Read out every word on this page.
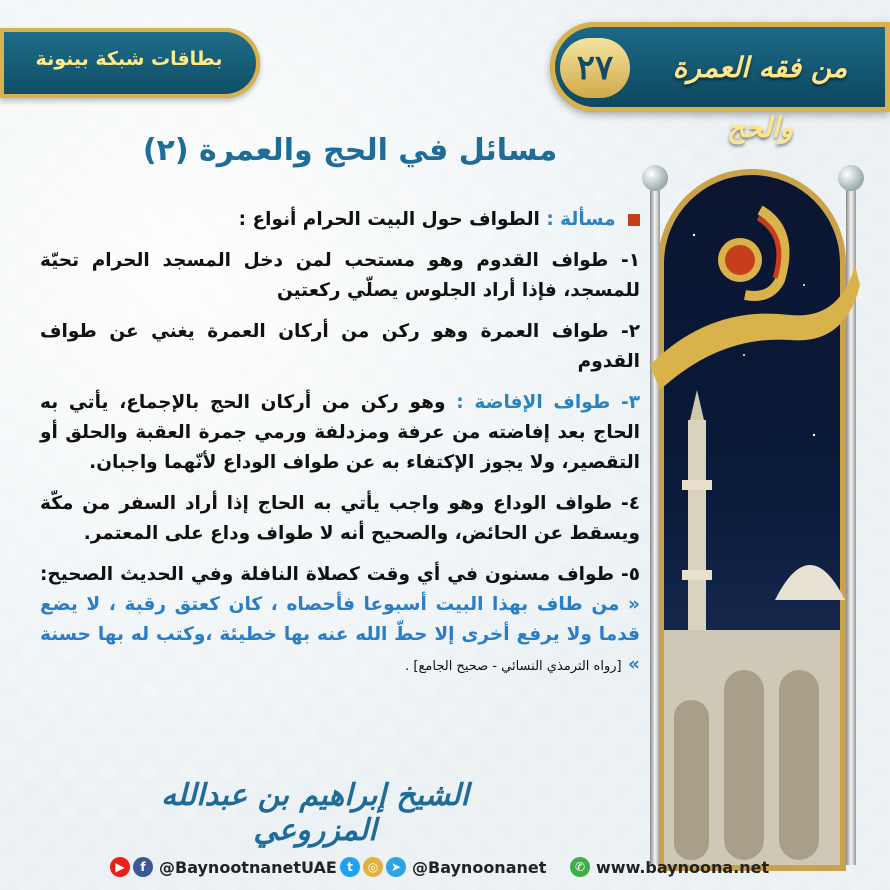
بطاقات شبكة بينونة	٢٧	من فقه العمرة والحج
مسائل في الحج والعمرة (٢)

مسألة : الطواف حول البيت الحرام أنواع :

١- طواف القدوم وهو مستحب لمن دخل المسجد الحرام تحيّة للمسجد، فإذا أراد الجلوس يصلّي ركعتين

٢- طواف العمرة وهو ركن من أركان العمرة يغني عن طواف القدوم

٣- طواف الإفاضة : وهو ركن من أركان الحج بالإجماع، يأتي به الحاج بعد إفاضته من عرفة ومزدلفة ورمي جمرة العقبة والحلق أو التقصير، ولا يجوز الإكتفاء به عن طواف الوداع لأنّهما واجبان.

٤- طواف الوداع وهو واجب يأتي به الحاج إذا أراد السفر من مكّة ويسقط عن الحائض، والصحيح أنه لا طواف وداع على المعتمر.

٥- طواف مسنون في أي وقت كصلاة النافلة وفي الحديث الصحيح: « من طاف بهذا البيت أسبوعا فأحصاه ، كان كعتق رقبة ، لا يضع قدما ولا يرفع أخرى إلا حطّ الله عنه بها خطيئة ،وكتب له بها حسنة » [رواه الترمذي النسائي - صحيح الجامع] .

الشيخ إبراهيم بن عبدالله المزروعي
▶	f @BaynootnanetUAE t	◎	➤ @Baynoonanet	✆ www.baynoona.net
